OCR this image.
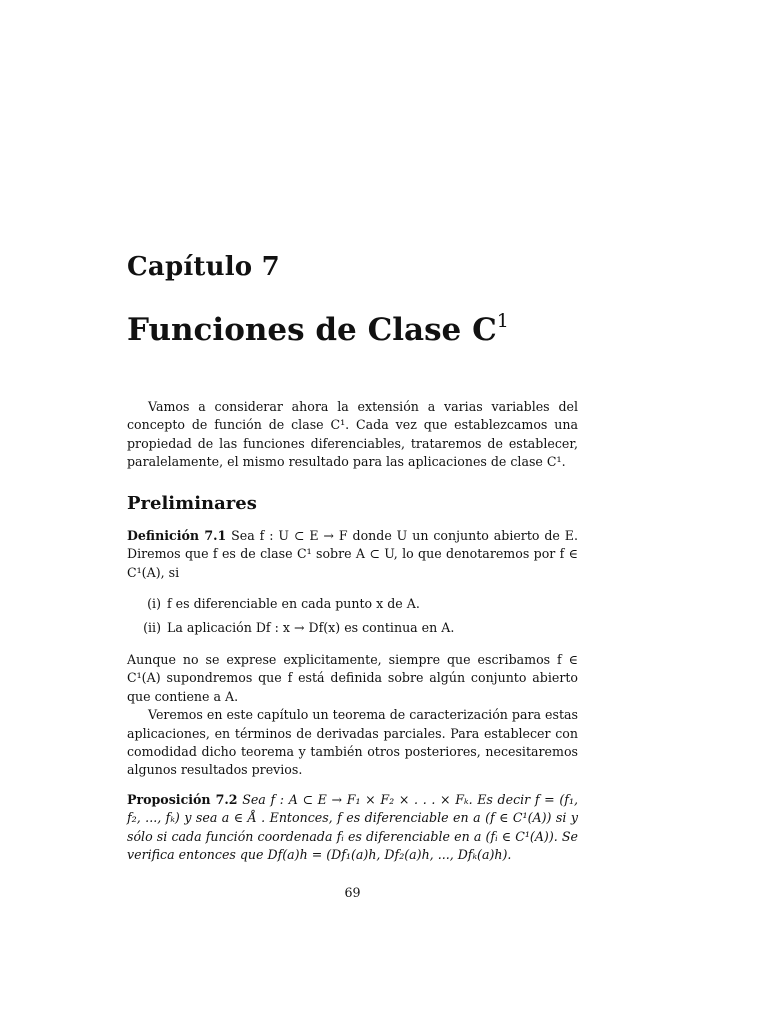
Capítulo 7
Funciones de Clase $C^1$

Vamos a considerar ahora la extensión a varias variables del concepto de función de clase C¹. Cada vez que establezcamos una propiedad de las funciones diferenciables, trataremos de establecer, paralelamente, el mismo resultado para las aplicaciones de clase C¹.

Preliminares

Definición 7.1 Sea f : U ⊂ E → F donde U un conjunto abierto de E. Diremos que f es de clase C¹ sobre A ⊂ U, lo que denotaremos por f ∈ C¹(A), si

(i) f es diferenciable en cada punto x de A.
(ii) La aplicación Df : x → Df(x) es continua en A.

Aunque no se exprese explicitamente, siempre que escribamos f ∈ C¹(A) supondremos que f está definida sobre algún conjunto abierto que contiene a A.

Veremos en este capítulo un teorema de caracterización para estas aplicaciones, en términos de derivadas parciales. Para establecer con comodidad dicho teorema y también otros posteriores, necesitaremos algunos resultados previos.

Proposición 7.2 Sea f : A ⊂ E → F₁ × F₂ × . . . × Fₖ. Es decir f = (f₁, f₂, ..., fₖ) y sea a ∈ Å . Entonces, f es diferenciable en a (f ∈ C¹(A)) si y sólo si cada función coordenada fᵢ es diferenciable en a (fᵢ ∈ C¹(A)). Se verifica entonces que Df(a)h = (Df₁(a)h, Df₂(a)h, ..., Dfₖ(a)h).

69
